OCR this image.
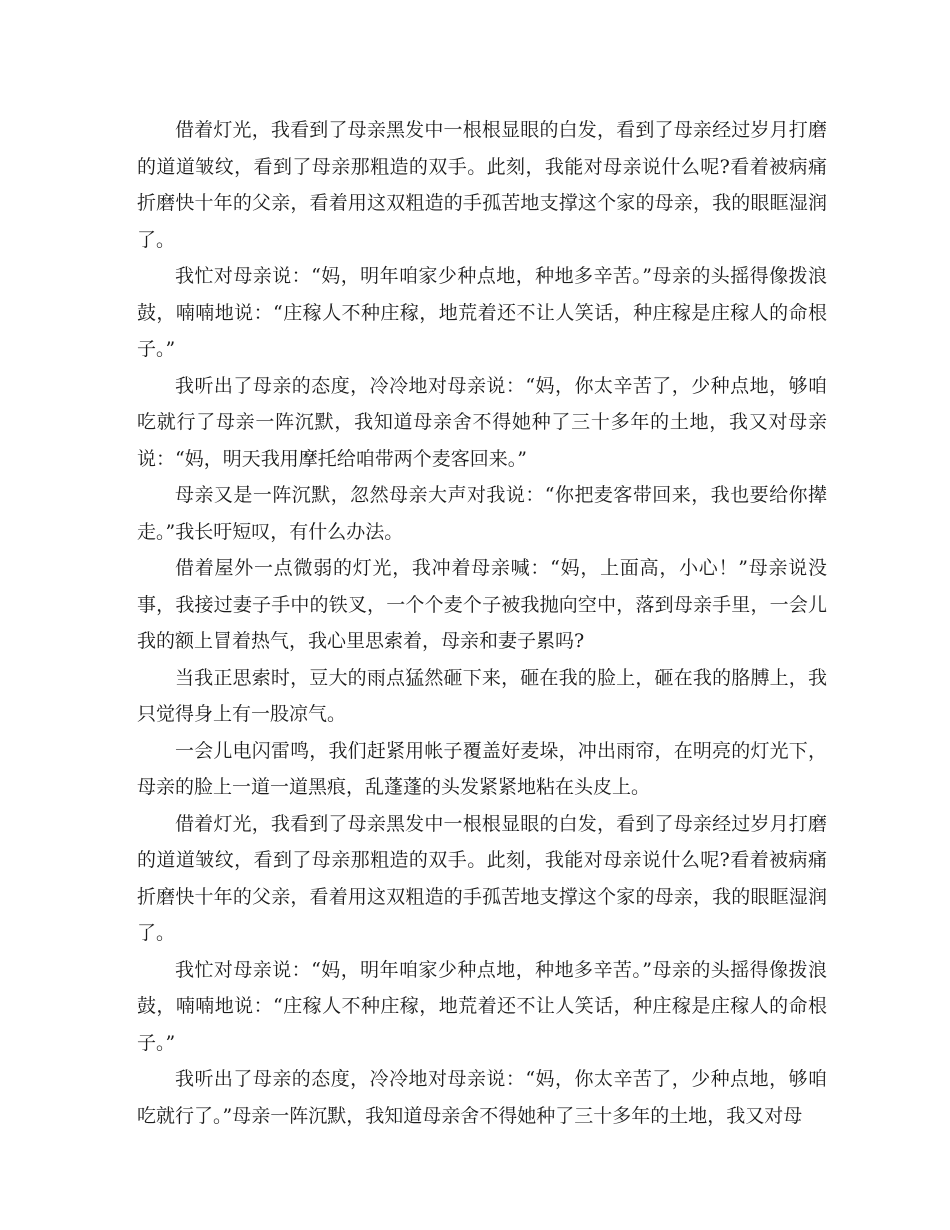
借着灯光，我看到了母亲黑发中一根根显眼的白发，看到了母亲经过岁月打磨的道道皱纹，看到了母亲那粗造的双手。此刻，我能对母亲说什么呢?看着被病痛折磨快十年的父亲，看着用这双粗造的手孤苦地支撑这个家的母亲，我的眼眶湿润了。

我忙对母亲说：“妈，明年咱家少种点地，种地多辛苦。”母亲的头摇得像拨浪鼓，喃喃地说：“庄稼人不种庄稼，地荒着还不让人笑话，种庄稼是庄稼人的命根子。”

我听出了母亲的态度，冷冷地对母亲说：“妈，你太辛苦了，少种点地，够咱吃就行了母亲一阵沉默，我知道母亲舍不得她种了三十多年的土地，我又对母亲说：“妈，明天我用摩托给咱带两个麦客回来。”

母亲又是一阵沉默，忽然母亲大声对我说：“你把麦客带回来，我也要给你撵走。”我长吁短叹，有什么办法。

借着屋外一点微弱的灯光，我冲着母亲喊：“妈，上面高，小心！”母亲说没事，我接过妻子手中的铁叉，一个个麦个子被我抛向空中，落到母亲手里，一会儿我的额上冒着热气，我心里思索着，母亲和妻子累吗?

当我正思索时，豆大的雨点猛然砸下来，砸在我的脸上，砸在我的胳膊上，我只觉得身上有一股凉气。

一会儿电闪雷鸣，我们赶紧用帐子覆盖好麦垛，冲出雨帘，在明亮的灯光下，母亲的脸上一道一道黑痕，乱蓬蓬的头发紧紧地粘在头皮上。

借着灯光，我看到了母亲黑发中一根根显眼的白发，看到了母亲经过岁月打磨的道道皱纹，看到了母亲那粗造的双手。此刻，我能对母亲说什么呢?看着被病痛折磨快十年的父亲，看着用这双粗造的手孤苦地支撑这个家的母亲，我的眼眶湿润了。

我忙对母亲说：“妈，明年咱家少种点地，种地多辛苦。”母亲的头摇得像拨浪鼓，喃喃地说：“庄稼人不种庄稼，地荒着还不让人笑话，种庄稼是庄稼人的命根子。”

我听出了母亲的态度，冷冷地对母亲说：“妈，你太辛苦了，少种点地，够咱吃就行了。”母亲一阵沉默，我知道母亲舍不得她种了三十多年的土地，我又对母
